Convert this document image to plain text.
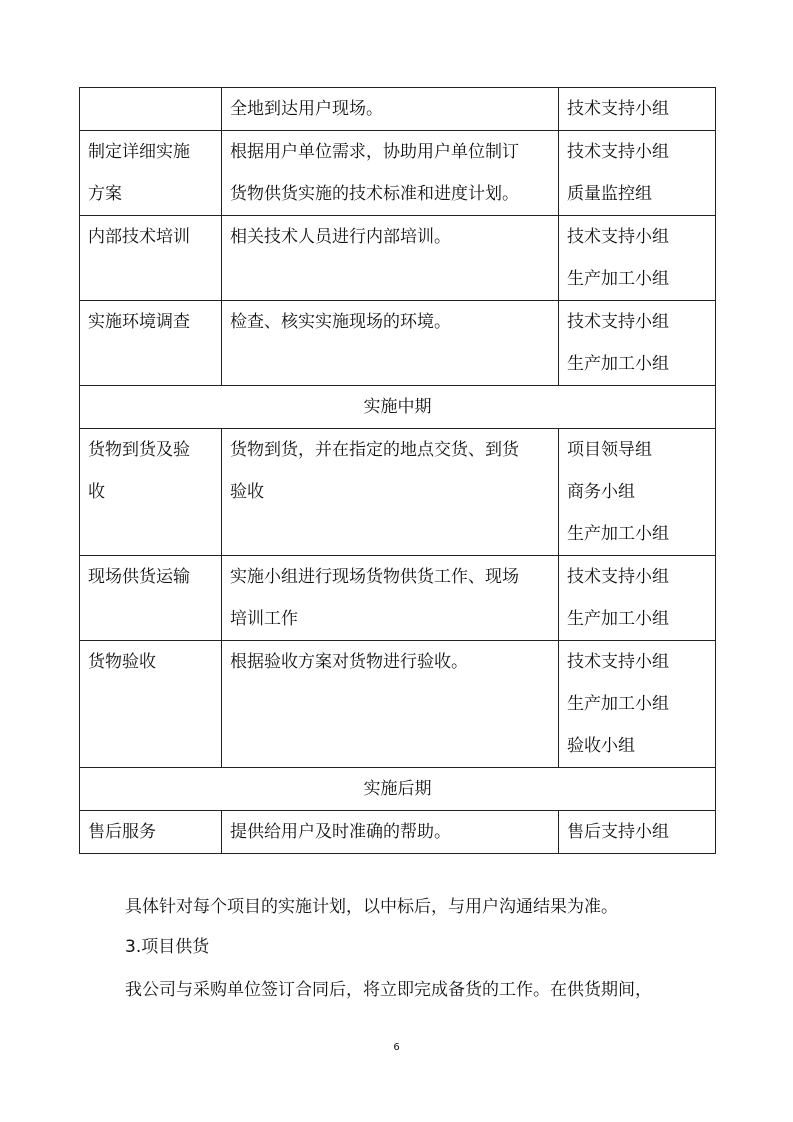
	全地到达用户现场。	技术支持小组

制定详细实施
方案	根据用户单位需求，协助用户单位制订
货物供货实施的技术标准和进度计划。	技术支持小组
质量监控组

内部技术培训	相关技术人员进行内部培训。	技术支持小组
生产加工小组

实施环境调查	检查、核实实施现场的环境。	技术支持小组
生产加工小组

实施中期		

货物到货及验
收	货物到货，并在指定的地点交货、到货
验收	项目领导组
商务小组
生产加工小组

现场供货运输	实施小组进行现场货物供货工作、现场
培训工作	技术支持小组
生产加工小组

货物验收	根据验收方案对货物进行验收。	技术支持小组
生产加工小组
验收小组

实施后期		

售后服务	提供给用户及时准确的帮助。	售后支持小组

具体针对每个项目的实施计划，以中标后，与用户沟通结果为准。

3.项目供货

我公司与采购单位签订合同后，将立即完成备货的工作。在供货期间，

6
